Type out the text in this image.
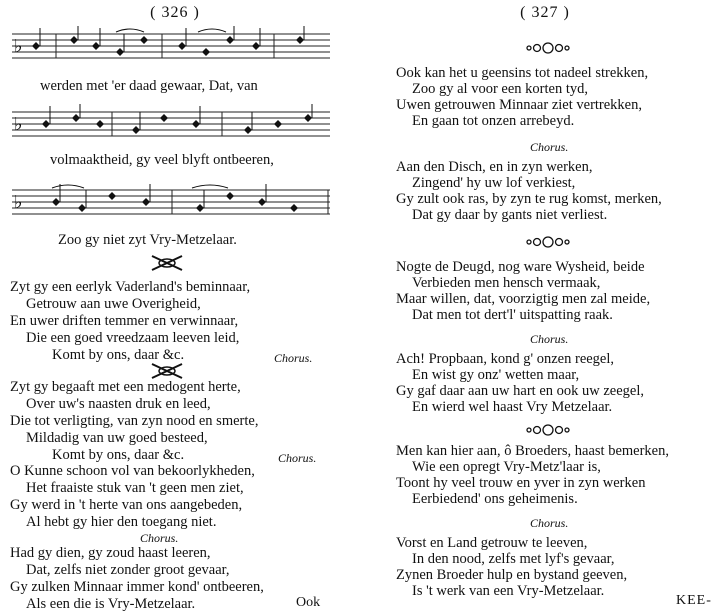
( 326 )
♭
werden met 'er daad gewaar, Dat, van
♭
volmaaktheid, gy veel blyft ontbeeren,
♭
Zoo gy niet zyt Vry-Metzelaar.
Zyt gy een eerlyk Vaderland's beminnaar,
Getrouw aan uwe Overigheid,
En uwer driften temmer en verwinnaar,
Die een goed vreedzaam leeven leid,
Komt by ons, daar &c.	Chorus.
Zyt gy begaaft met een medogent herte,
Over uw's naasten druk en leed,
Die tot verligting, van zyn nood en smerte,
Mildadig van uw goed besteed,
Komt by ons, daar &c.	Chorus.
O Kunne schoon vol van bekoorlykheden,
Het fraaiste stuk van 't geen men ziet,
Gy werd in 't herte van ons aangebeden,
Al hebt gy hier den toegang niet.
Chorus.
Had gy dien, gy zoud haast leeren,
Dat, zelfs niet zonder groot gevaar,
Gy zulken Minnaar immer kond' ontbeeren,
Als een die is Vry-Metzelaar.	Ook
( 327 )
Ook kan het u geensins tot nadeel strekken,
Zoo gy al voor een korten tyd,
Uwen getrouwen Minnaar ziet vertrekken,
En gaan tot onzen arrebeyd.
Chorus.
Aan den Disch, en in zyn werken,
Zingend' hy uw lof verkiest,
Gy zult ook ras, by zyn te rug komst, merken,
Dat gy daar by gants niet verliest.
Nogte de Deugd, nog ware Wysheid, beide
Verbieden men hensch vermaak,
Maar willen, dat, voorzigtig men zal meide,
Dat men tot dert'l' uitspatting raak.
Chorus.
Ach! Propbaan, kond g' onzen reegel,
En wist gy onz' wetten maar,
Gy gaf daar aan uw hart en ook uw zeegel,
En wierd wel haast Vry Metzelaar.
Men kan hier aan, ô Broeders, haast bemerken,
Wie een opregt Vry-Metz'laar is,
Toont hy veel trouw en yver in zyn werken
Eerbiedend' ons geheimenis.
Chorus.
Vorst en Land getrouw te leeven,
In den nood, zelfs met lyf's gevaar,
Zynen Broeder hulp en bystand geeven,
Is 't werk van een Vry-Metzelaar.
KEE-
